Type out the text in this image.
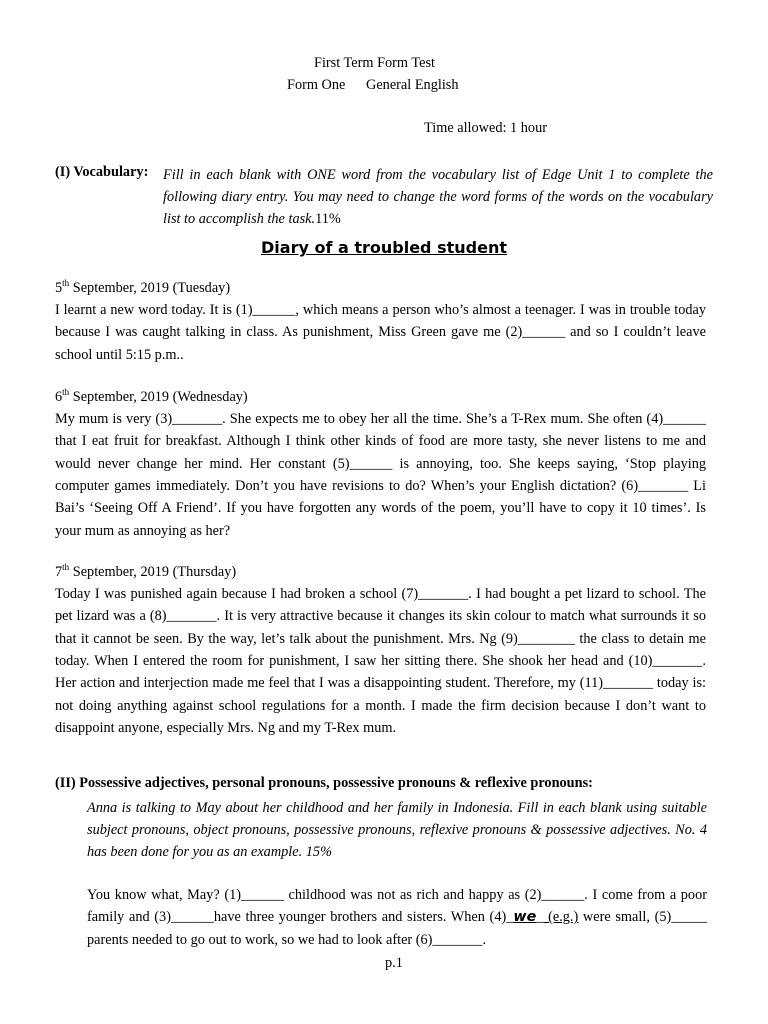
First Term Form Test
Form One General English
Time allowed: 1 hour
(I) Vocabulary: Fill in each blank with ONE word from the vocabulary list of Edge Unit 1 to complete the following diary entry. You may need to change the word forms of the words on the vocabulary list to accomplish the task.11%
Diary of a troubled student
5th September, 2019 (Tuesday)
I learnt a new word today. It is (1)______, which means a person who’s almost a teenager. I was in trouble today because I was caught talking in class. As punishment, Miss Green gave me (2)______ and so I couldn’t leave school until 5:15 p.m..
6th September, 2019 (Wednesday)
My mum is very (3)_______. She expects me to obey her all the time. She’s a T-Rex mum. She often (4)______ that I eat fruit for breakfast. Although I think other kinds of food are more tasty, she never listens to me and would never change her mind. Her constant (5)______ is annoying, too. She keeps saying, ‘Stop playing computer games immediately. Don’t you have revisions to do? When’s your English dictation? (6)_______ Li Bai’s ‘Seeing Off A Friend’. If you have forgotten any words of the poem, you’ll have to copy it 10 times’. Is your mum as annoying as her?
7th September, 2019 (Thursday)
Today I was punished again because I had broken a school (7)_______. I had bought a pet lizard to school. The pet lizard was a (8)_______. It is very attractive because it changes its skin colour to match what surrounds it so that it cannot be seen. By the way, let’s talk about the punishment. Mrs. Ng (9)________ the class to detain me today. When I entered the room for punishment, I saw her sitting there. She shook her head and (10)_______. Her action and interjection made me feel that I was a disappointing student. Therefore, my (11)_______ today is: not doing anything against school regulations for a month. I made the firm decision because I don’t want to disappoint anyone, especially Mrs. Ng and my T-Rex mum.
(II) Possessive adjectives, personal pronouns, possessive pronouns & reflexive pronouns:
Anna is talking to May about her childhood and her family in Indonesia. Fill in each blank using suitable subject pronouns, object pronouns, possessive pronouns, reflexive pronouns & possessive adjectives. No. 4 has been done for you as an example. 15%
You know what, May? (1)______ childhood was not as rich and happy as (2)______. I come from a poor family and (3)______have three younger brothers and sisters. When (4)_we_ (e.g.) were small, (5)_____ parents needed to go out to work, so we had to look after (6)_______.
p.1
